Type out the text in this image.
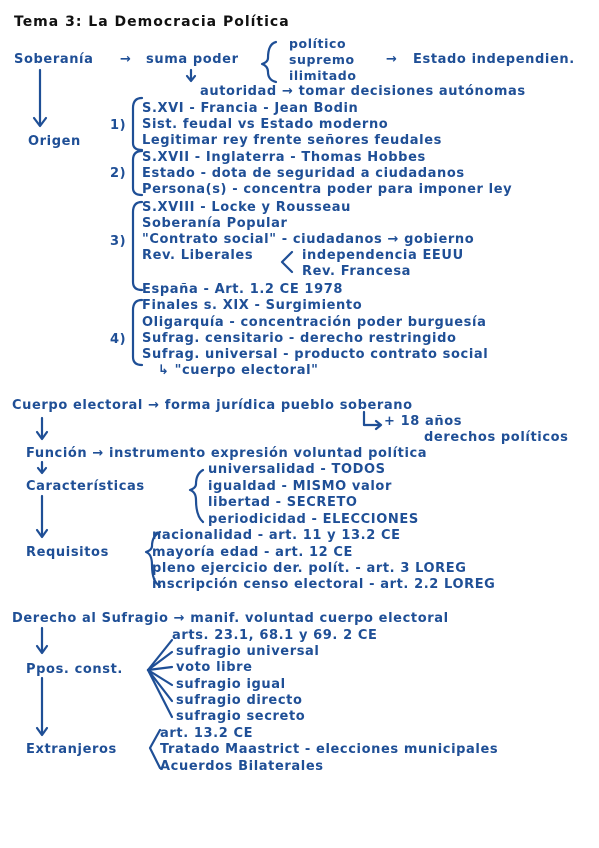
Tema 3: La Democracia Política
Soberanía → suma poder
político
supremo
ilimitado
→ Estado independien.
autoridad → tomar decisiones autónomas
Origen
1)
S.XVI - Francia - Jean Bodin
Sist. feudal vs Estado moderno
Legitimar rey frente señores feudales
2)
S.XVII - Inglaterra - Thomas Hobbes
Estado - dota de seguridad a ciudadanos
Persona(s) - concentra poder para imponer ley
3)
S.XVIII - Locke y Rousseau
Soberanía Popular
"Contrato social" - ciudadanos → gobierno
Rev. Liberales	independencia EEUU
Rev. Francesa
España - Art. 1.2 CE 1978
4)
Finales s. XIX - Surgimiento
Oligarquía - concentración poder burguesía
Sufrag. censitario - derecho restringido
Sufrag. universal - producto contrato social
↳ "cuerpo electoral"
Cuerpo electoral → forma jurídica pueblo soberano
+ 18 años
derechos políticos
Función → instrumento expresión voluntad política
Características
universalidad - TODOS
igualdad - MISMO valor
libertad - SECRETO
periodicidad - ELECCIONES
Requisitos
nacionalidad - art. 11 y 13.2 CE
mayoría edad - art. 12 CE
pleno ejercicio der. polít. - art. 3 LOREG
inscripción censo electoral - art. 2.2 LOREG
Derecho al Sufragio → manif. voluntad cuerpo electoral
arts. 23.1, 68.1 y 69. 2 CE
Ppos. const.
sufragio universal
voto libre
sufragio igual
sufragio directo
sufragio secreto
art. 13.2 CE
Extranjeros	Tratado Maastrict - elecciones municipales
Acuerdos Bilaterales
